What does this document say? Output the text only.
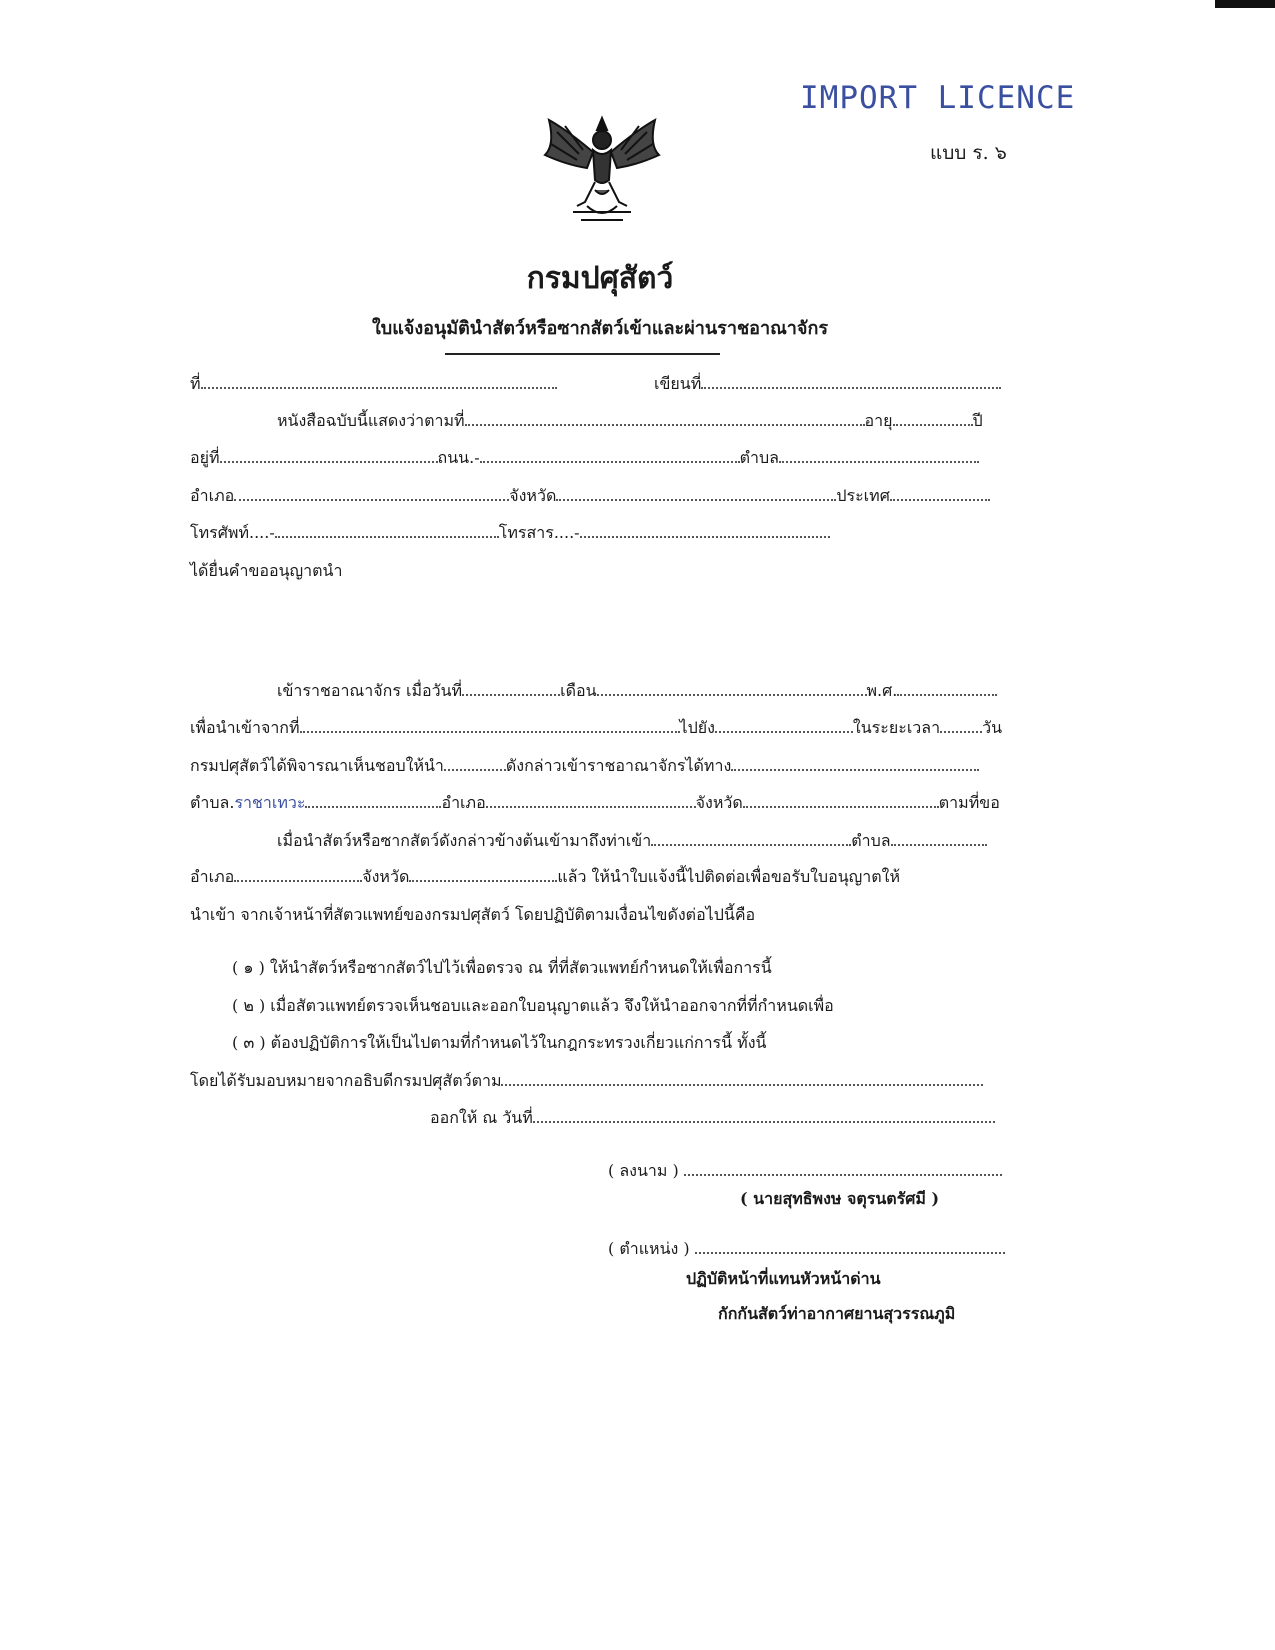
IMPORT LICENCE
แบบ ร. ๖
กรมปศุสัตว์
ใบแจ้งอนุมัตินำสัตว์หรือซากสัตว์เข้าและผ่านราชอาณาจักร
ที่	เขียนที่
หนังสือฉบับนี้แสดงว่าตามที่	อายุ	ปี
อยู่ที่	ถนน.-	ตำบล
อำเภอ	จังหวัด	ประเทศ
โทรศัพท์....-	โทรสาร....-
ได้ยื่นคำขออนุญาตนำ
เข้าราชอาณาจักร เมื่อวันที่	เดือน	พ.ศ.
เพื่อนำเข้าจากที่	ไปยัง	ในระยะเวลา	วัน
กรมปศุสัตว์ได้พิจารณาเห็นชอบให้นำ	ดังกล่าวเข้าราชอาณาจักรได้ทาง
ตำบล.ราชาเทวะ	อำเภอ	จังหวัด	ตามที่ขอ
เมื่อนำสัตว์หรือซากสัตว์ดังกล่าวข้างต้นเข้ามาถึงท่าเข้า	ตำบล
อำเภอ	จังหวัด	แล้ว ให้นำใบแจ้งนี้ไปติดต่อเพื่อขอรับใบอนุญาตให้
นำเข้า จากเจ้าหน้าที่สัตวแพทย์ของกรมปศุสัตว์ โดยปฏิบัติตามเงื่อนไขดังต่อไปนี้คือ
( ๑ ) ให้นำสัตว์หรือซากสัตว์ไปไว้เพื่อตรวจ ณ ที่ที่สัตวแพทย์กำหนดให้เพื่อการนี้
( ๒ ) เมื่อสัตวแพทย์ตรวจเห็นชอบและออกใบอนุญาตแล้ว จึงให้นำออกจากที่ที่กำหนดเพื่อ
( ๓ ) ต้องปฏิบัติการให้เป็นไปตามที่กำหนดไว้ในกฎกระทรวงเกี่ยวแก่การนี้ ทั้งนี้
โดยได้รับมอบหมายจากอธิบดีกรมปศุสัตว์ตาม
ออกให้ ณ วันที่
( ลงนาม )
( นายสุทธิพงษ จตุรนตรัศมี )
( ตำแหน่ง )
ปฏิบัติหน้าที่แทนหัวหน้าด่าน
กักกันสัตว์ท่าอากาศยานสุวรรณภูมิ
